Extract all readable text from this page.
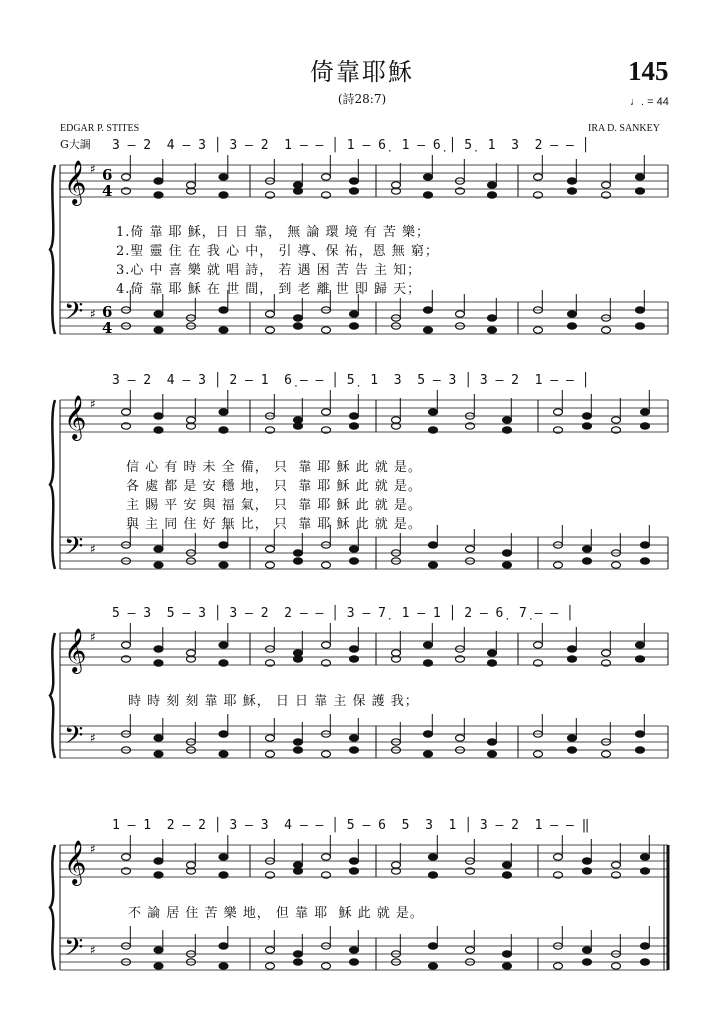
倚靠耶穌
(詩28:7)
145
♩. = 44
EDGAR P. STITES	IRA D. SANKEY
G大調 3 – 2  4 – 3 │ 3 – 2  1 – – │ 1 – 6̣  1 – 6̣ │ 5̣  1  3  2 – – │
1.倚 靠 耶 穌，日 日 靠， 無 論 環 境 有 苦 樂；
2.聖 靈 住 在 我 心 中， 引 導、保 祐，恩 無 窮；
3.心 中 喜 樂 就 唱 詩， 若 遇 困 苦 告 主 知；
4.倚 靠 耶 穌 在 世 間， 到 老 離 世 即 歸 天；
3 – 2  4 – 3 │ 2 – 1  6̣ – – │ 5̣  1  3  5 – 3 │ 3 – 2  1 – – │
信 心 有 時 未 全 備， 只  靠 耶 穌 此 就 是。
各 處 都 是 安 穩 地， 只  靠 耶 穌 此 就 是。
主 賜 平 安 與 福 氣， 只  靠 耶 穌 此 就 是。
與 主 同 住 好 無 比， 只  靠 耶 穌 此 就 是。
5 – 3  5 – 3 │ 3 – 2  2 – – │ 3 – 7̣  1 – 1 │ 2 – 6̣  7̣ – – │
時 時 刻 刻 靠 耶 穌， 日 日 靠 主 保 護 我；
1 – 1  2 – 2 │ 3 – 3  4 – – │ 5 – 6  5  3  1 │ 3 – 2  1 – – ‖
不 論 居 住 苦 樂 地， 但 靠 耶  穌 此 就 是。
𝄞
𝄢
♯
♯
6
4
6
4
𝄞
𝄢
♯
♯
𝄞
𝄢
♯
♯
𝄞
𝄢
♯
♯
